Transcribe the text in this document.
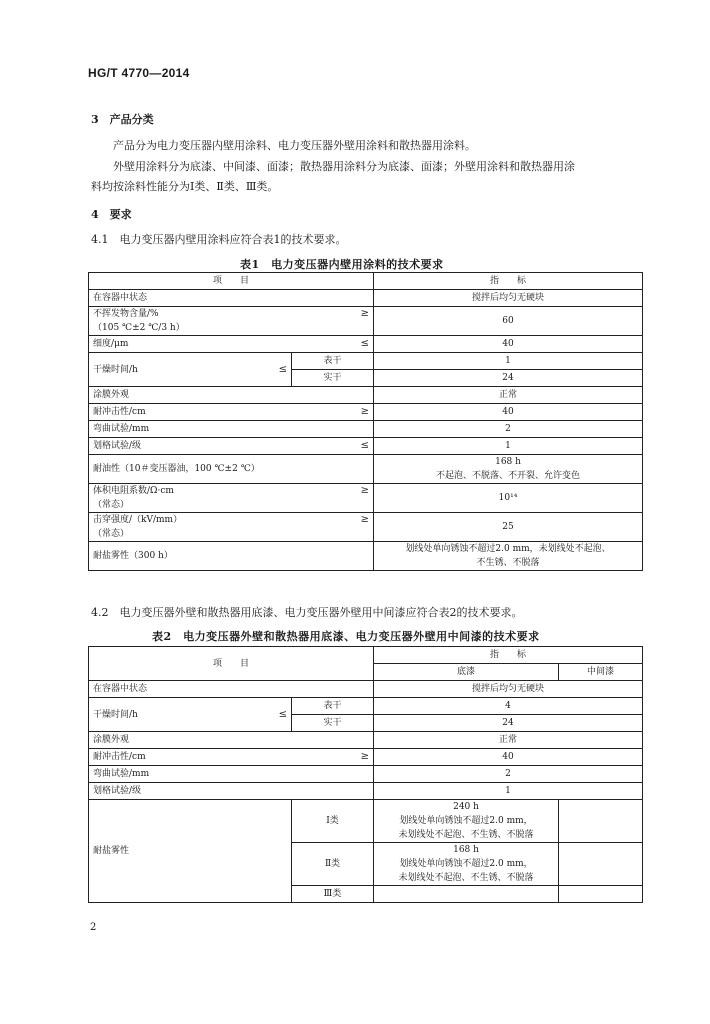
HG/T 4770—2014
3　产品分类
产品分为电力变压器内壁用涂料、电力变压器外壁用涂料和散热器用涂料。
外壁用涂料分为底漆、中间漆、面漆；散热器用涂料分为底漆、面漆；外壁用涂料和散热器用涂
料均按涂料性能分为Ⅰ类、Ⅱ类、Ⅲ类。
4　要求
4.1　电力变压器内壁用涂料应符合表1的技术要求。
表1　电力变压器内壁用涂料的技术要求
项　　目		指　　标
在容器中状态		搅拌后均匀无硬块

不挥发物含量/% ≥
（105 ℃±2 ℃/3 h）		60

细度/μm ≤		40

干燥时间/h ≤	表干	1
	实干	24
涂膜外观		正常

耐冲击性/cm ≥		40
弯曲试验/mm		2

划格试验/级 ≤		1
耐油性（10＃变压器油，100 ℃±2 ℃）		168 h
不起泡、不脱落、不开裂、允许变色

体积电阻系数/Ω·cm ≥
（常态）		10¹⁴

击穿强度/（kV/mm） ≥
（常态）		25
耐盐雾性（300 h）		划线处单向锈蚀不超过2.0 mm，未划线处不起泡、
不生锈、不脱落
4.2　电力变压器外壁和散热器用底漆、电力变压器外壁用中间漆应符合表2的技术要求。
表2　电力变压器外壁和散热器用底漆、电力变压器外壁用中间漆的技术要求
项　　目		指　　标	
		底漆	中间漆
在容器中状态		搅拌后均匀无硬块	

干燥时间/h ≤	表干	4	
	实干	24	
涂膜外观		正常	

耐冲击性/cm ≥		40	
弯曲试验/mm		2	
划格试验/级		1	
耐盐雾性	Ⅰ类	240 h
划线处单向锈蚀不超过2.0 mm，
未划线处不起泡、不生锈、不脱落	

	Ⅱ类	168 h
划线处单向锈蚀不超过2.0 mm，
未划线处不起泡、不生锈、不脱落	

	Ⅲ类		
2
